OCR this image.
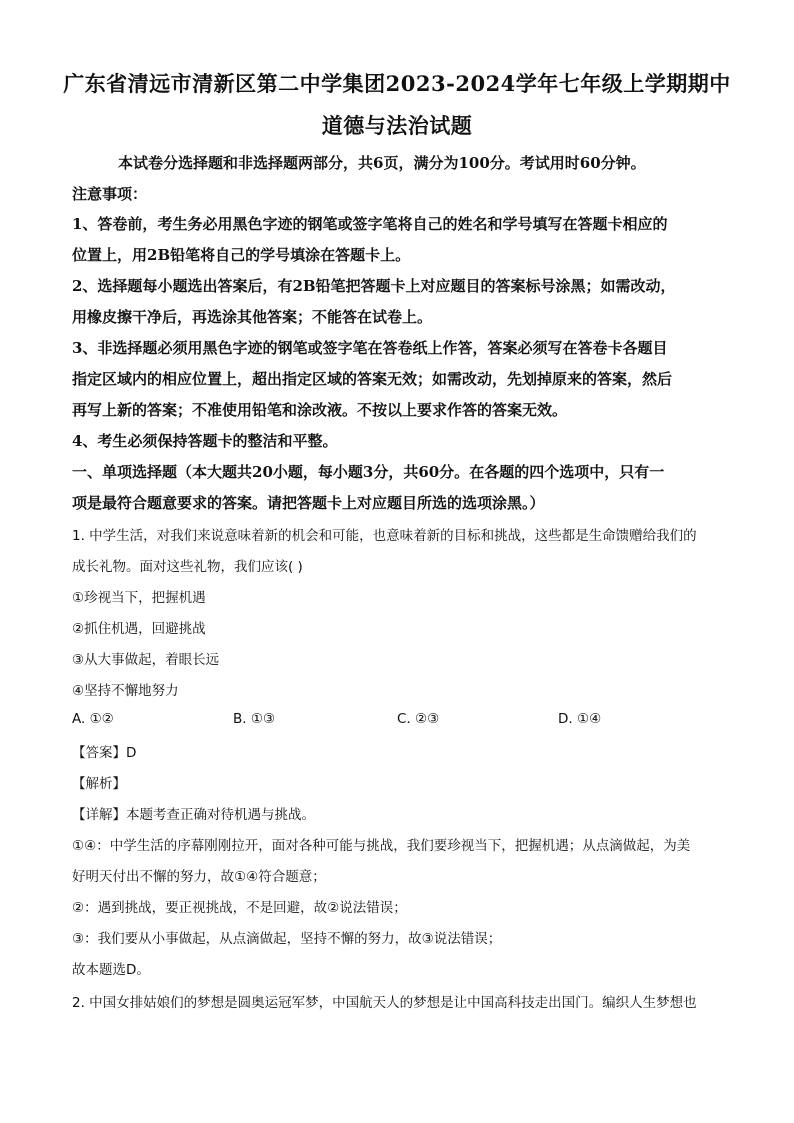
广东省清远市清新区第二中学集团2023-2024学年七年级上学期期中
道德与法治试题
本试卷分选择题和非选择题两部分，共6页，满分为100分。考试用时60分钟。
注意事项：
1、答卷前，考生务必用黑色字迹的钢笔或签字笔将自己的姓名和学号填写在答题卡相应的
位置上，用2B铅笔将自己的学号填涂在答题卡上。
2、选择题每小题选出答案后，有2B铅笔把答题卡上对应题目的答案标号涂黑；如需改动，
用橡皮擦干净后，再选涂其他答案；不能答在试卷上。
3、非选择题必须用黑色字迹的钢笔或签字笔在答卷纸上作答，答案必须写在答卷卡各题目
指定区域内的相应位置上，超出指定区域的答案无效；如需改动，先划掉原来的答案，然后
再写上新的答案；不准使用铅笔和涂改液。不按以上要求作答的答案无效。
4、考生必须保持答题卡的整洁和平整。
一、单项选择题（本大题共20小题，每小题3分，共60分。在各题的四个选项中，只有一
项是最符合题意要求的答案。请把答题卡上对应题目所选的选项涂黑。）
1. 中学生活，对我们来说意味着新的机会和可能，也意味着新的目标和挑战，这些都是生命馈赠给我们的
成长礼物。面对这些礼物，我们应该( )
①珍视当下，把握机遇
②抓住机遇，回避挑战
③从大事做起，着眼长远
④坚持不懈地努力
A. ①②	B. ①③	C. ②③	D. ①④
【答案】D
【解析】
【详解】本题考查正确对待机遇与挑战。
①④：中学生活的序幕刚刚拉开，面对各种可能与挑战，我们要珍视当下，把握机遇；从点滴做起，为美
好明天付出不懈的努力，故①④符合题意；
②：遇到挑战，要正视挑战，不是回避，故②说法错误；
③：我们要从小事做起，从点滴做起，坚持不懈的努力，故③说法错误；
故本题选D。
2. 中国女排姑娘们的梦想是圆奥运冠军梦，中国航天人的梦想是让中国高科技走出国门。编织人生梦想也
